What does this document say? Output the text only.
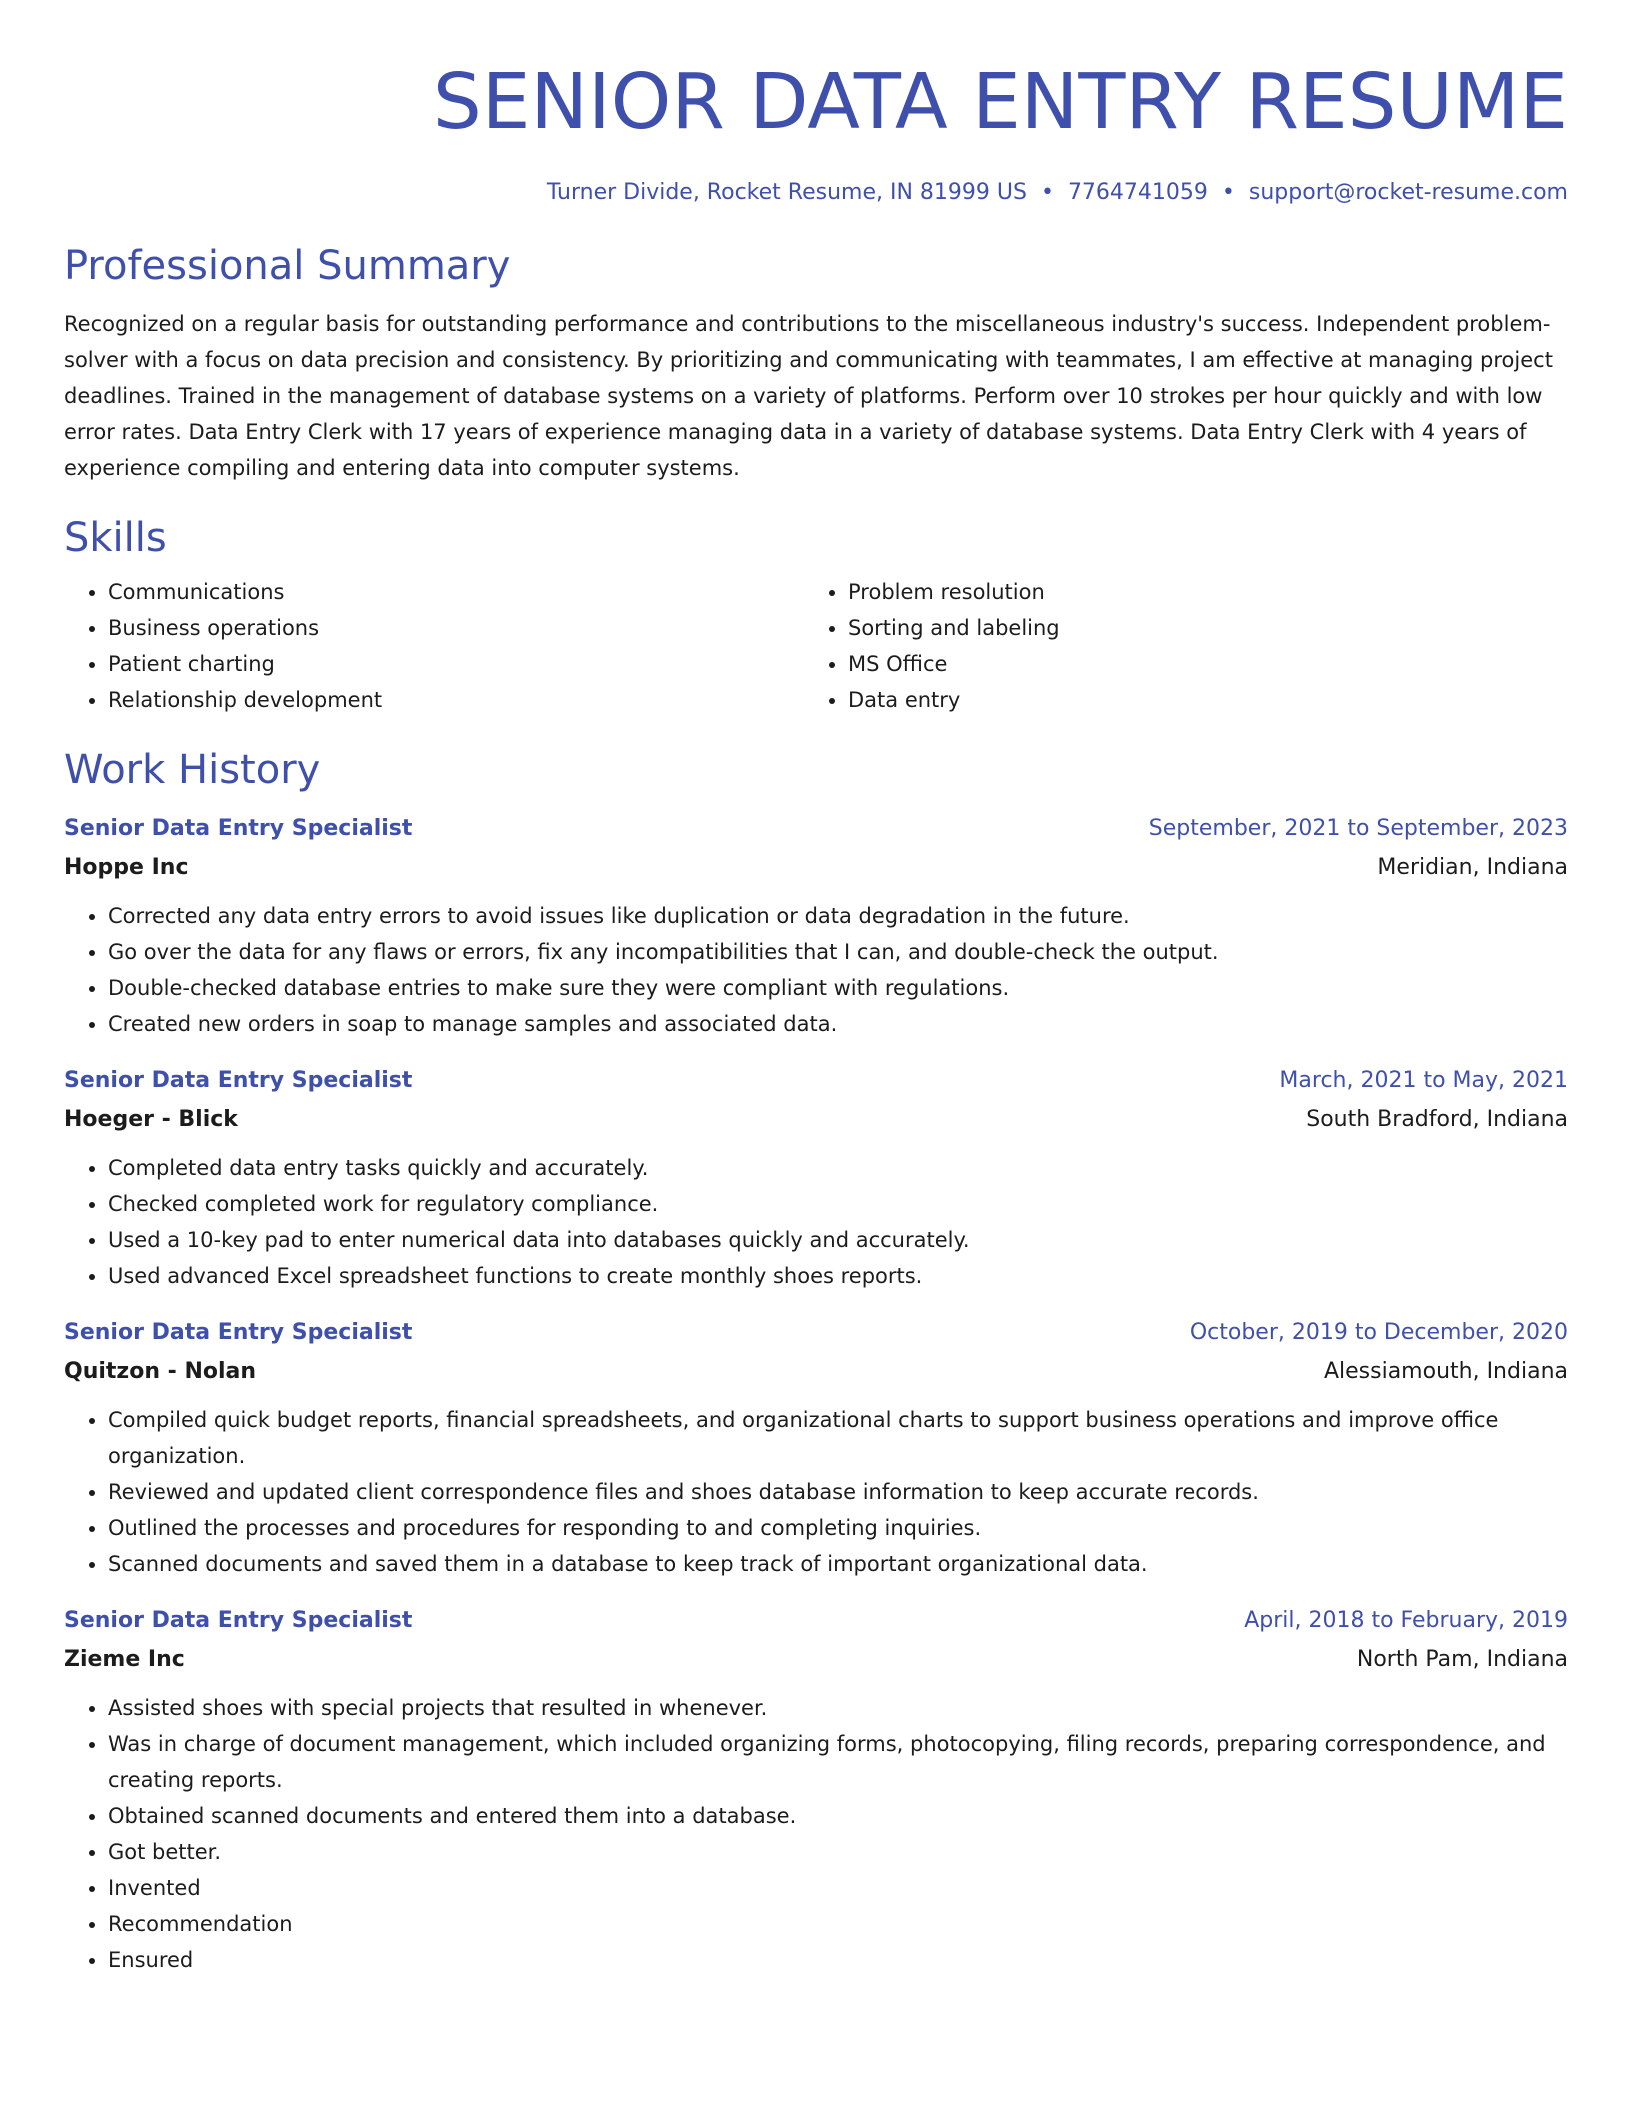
SENIOR DATA ENTRY RESUME
Turner Divide, Rocket Resume, IN 81999 US • 7764741059 • support@rocket-resume.com
Professional Summary

Recognized on a regular basis for outstanding performance and contributions to the miscellaneous industry's success. Independent problem-solver with a focus on data precision and consistency. By prioritizing and communicating with teammates, I am effective at managing project deadlines. Trained in the management of database systems on a variety of platforms. Perform over 10 strokes per hour quickly and with low error rates. Data Entry Clerk with 17 years of experience managing data in a variety of database systems. Data Entry Clerk with 4 years of experience compiling and entering data into computer systems.

Skills
• Communications
• Business operations
• Patient charting
• Relationship development
• Problem resolution
• Sorting and labeling
• MS Office
• Data entry
Work History
Senior Data Entry Specialist	September, 2021 to September, 2023
Hoppe Inc	Meridian, Indiana
• Corrected any data entry errors to avoid issues like duplication or data degradation in the future.
• Go over the data for any flaws or errors, fix any incompatibilities that I can, and double-check the output.
• Double-checked database entries to make sure they were compliant with regulations.
• Created new orders in soap to manage samples and associated data.
Senior Data Entry Specialist	March, 2021 to May, 2021
Hoeger - Blick	South Bradford, Indiana
• Completed data entry tasks quickly and accurately.
• Checked completed work for regulatory compliance.
• Used a 10-key pad to enter numerical data into databases quickly and accurately.
• Used advanced Excel spreadsheet functions to create monthly shoes reports.
Senior Data Entry Specialist	October, 2019 to December, 2020
Quitzon - Nolan	Alessiamouth, Indiana
• Compiled quick budget reports, financial spreadsheets, and organizational charts to support business operations and improve office organization.
• Reviewed and updated client correspondence files and shoes database information to keep accurate records.
• Outlined the processes and procedures for responding to and completing inquiries.
• Scanned documents and saved them in a database to keep track of important organizational data.
Senior Data Entry Specialist	April, 2018 to February, 2019
Zieme Inc	North Pam, Indiana
• Assisted shoes with special projects that resulted in whenever.
• Was in charge of document management, which included organizing forms, photocopying, filing records, preparing correspondence, and creating reports.
• Obtained scanned documents and entered them into a database.
• Got better.
• Invented
• Recommendation
• Ensured
